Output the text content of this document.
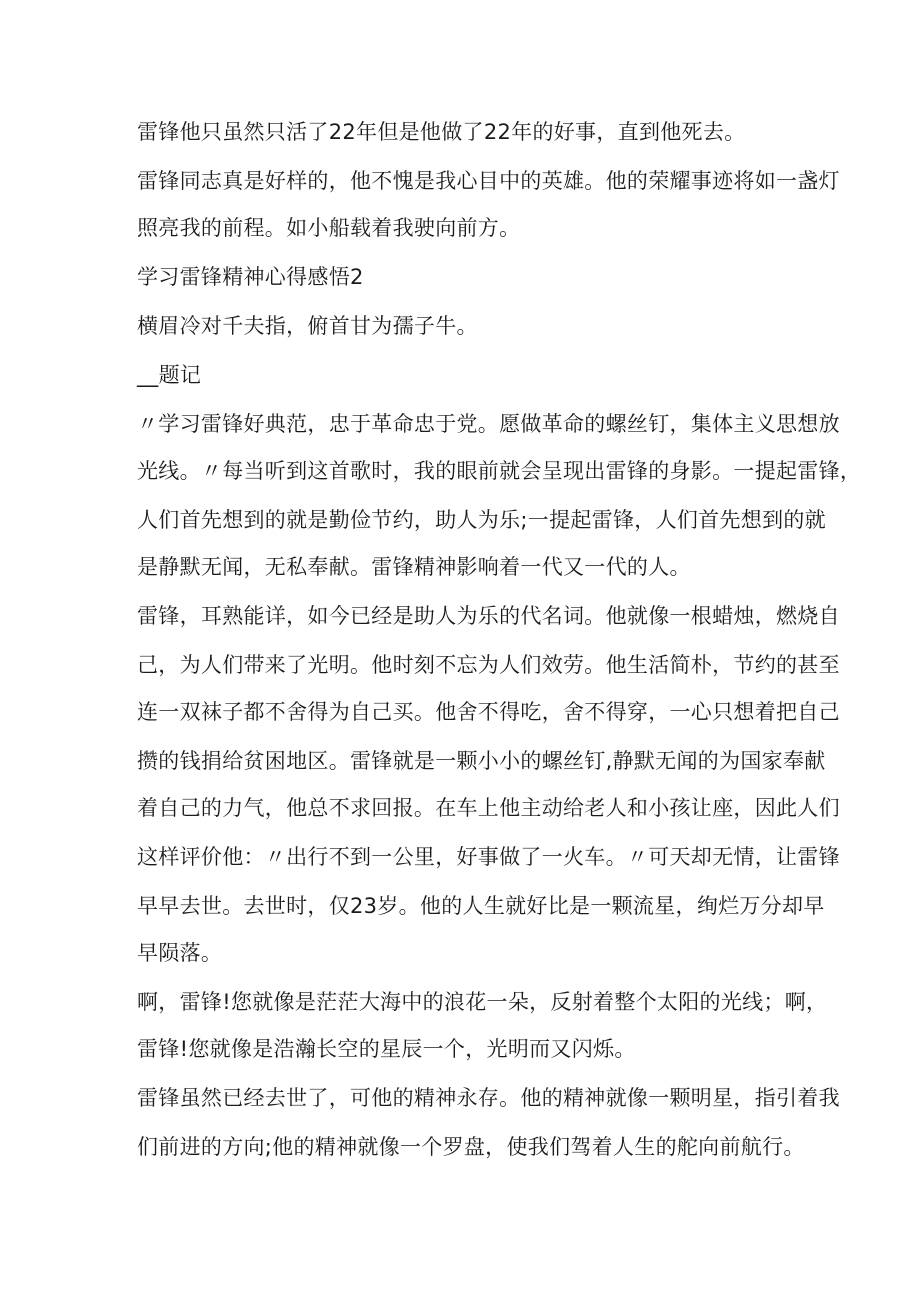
雷锋他只虽然只活了22年但是他做了22年的好事，直到他死去。
雷锋同志真是好样的，他不愧是我心目中的英雄。他的荣耀事迹将如一盏灯
照亮我的前程。如小船载着我驶向前方。
学习雷锋精神心得感悟2
横眉冷对千夫指，俯首甘为孺子牛。
__题记
〃学习雷锋好典范，忠于革命忠于党。愿做革命的螺丝钉，集体主义思想放
光线。〃每当听到这首歌时，我的眼前就会呈现出雷锋的身影。一提起雷锋，
人们首先想到的就是勤俭节约，助人为乐;一提起雷锋，人们首先想到的就
是静默无闻，无私奉献。雷锋精神影响着一代又一代的人。
雷锋，耳熟能详，如今已经是助人为乐的代名词。他就像一根蜡烛，燃烧自
己，为人们带来了光明。他时刻不忘为人们效劳。他生活简朴，节约的甚至
连一双袜子都不舍得为自己买。他舍不得吃，舍不得穿，一心只想着把自己
攒的钱捐给贫困地区。雷锋就是一颗小小的螺丝钉,静默无闻的为国家奉献
着自己的力气，他总不求回报。在车上他主动给老人和小孩让座，因此人们
这样评价他：〃出行不到一公里，好事做了一火车。〃可天却无情，让雷锋
早早去世。去世时，仅23岁。他的人生就好比是一颗流星，绚烂万分却早
早陨落。
啊，雷锋!您就像是茫茫大海中的浪花一朵，反射着整个太阳的光线；啊，
雷锋!您就像是浩瀚长空的星辰一个，光明而又闪烁。
雷锋虽然已经去世了，可他的精神永存。他的精神就像一颗明星，指引着我
们前进的方向;他的精神就像一个罗盘，使我们驾着人生的舵向前航行。
